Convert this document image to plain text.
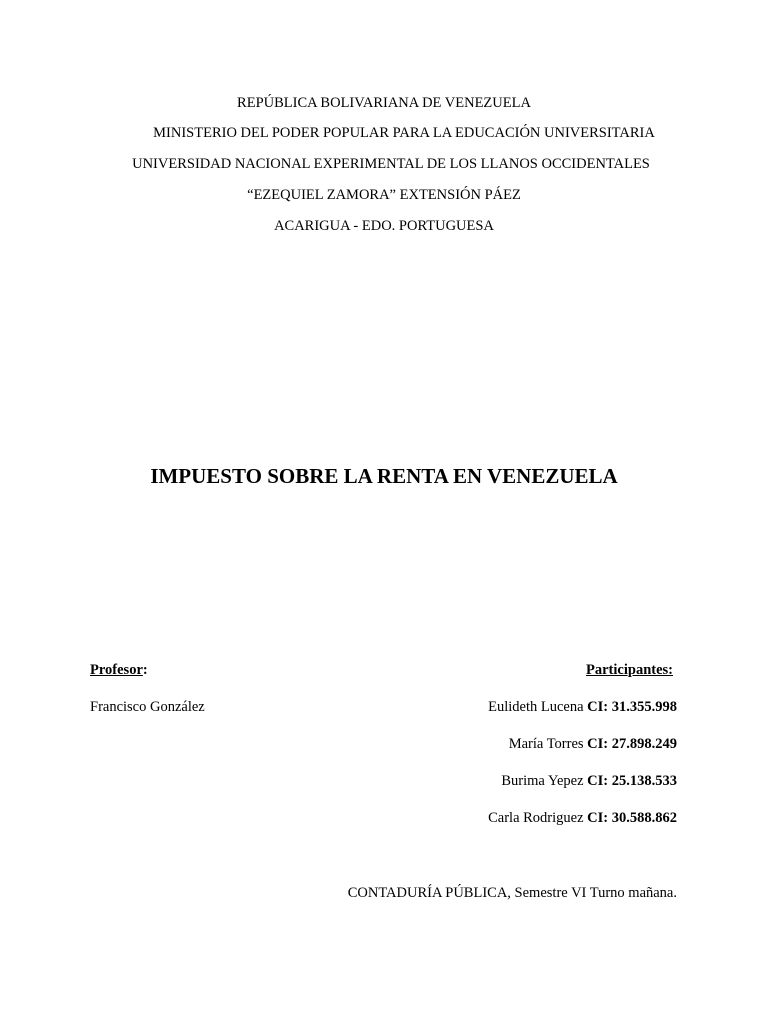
REPÚBLICA BOLIVARIANA DE VENEZUELA
MINISTERIO DEL PODER POPULAR PARA LA EDUCACIÓN UNIVERSITARIA
UNIVERSIDAD NACIONAL EXPERIMENTAL DE LOS LLANOS OCCIDENTALES
“EZEQUIEL ZAMORA” EXTENSIÓN PÁEZ
ACARIGUA - EDO. PORTUGUESA
IMPUESTO SOBRE LA RENTA EN VENEZUELA
Profesor:	Participantes:
Francisco González	Eulideth Lucena CI: 31.355.998
María Torres CI: 27.898.249
Burima Yepez CI: 25.138.533
Carla Rodriguez CI: 30.588.862
CONTADURÍA PÚBLICA, Semestre VI Turno mañana.
